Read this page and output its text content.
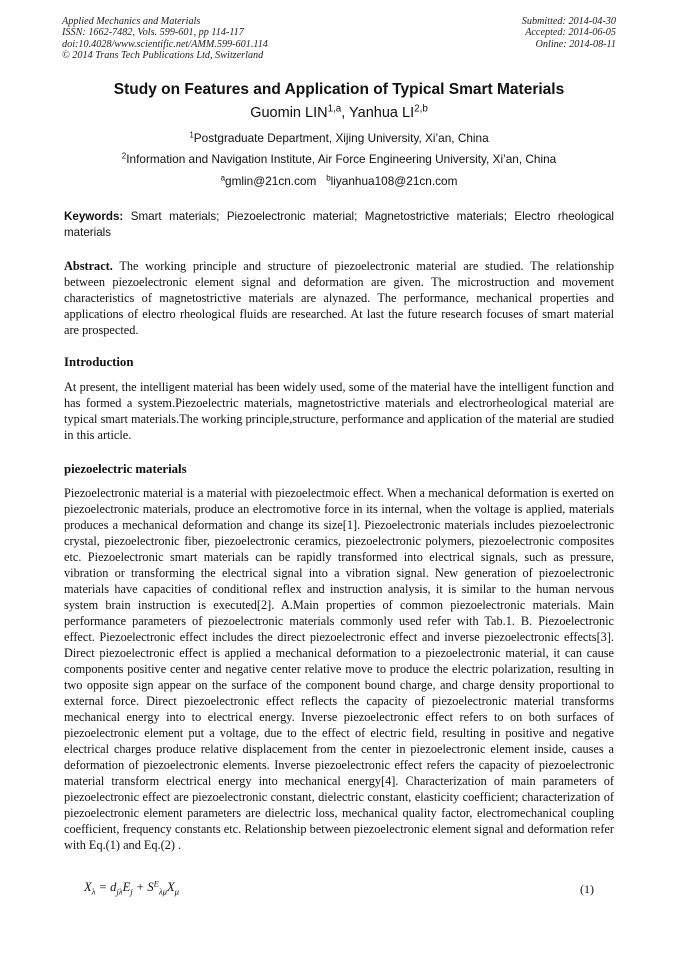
Applied Mechanics and Materials
ISSN: 1662-7482, Vols. 599-601, pp 114-117
doi:10.4028/www.scientific.net/AMM.599-601.114
© 2014 Trans Tech Publications Ltd, Switzerland
Submitted: 2014-04-30
Accepted: 2014-06-05
Online: 2014-08-11
Study on Features and Application of Typical Smart Materials
Guomin LIN$^{1,a}$, Yanhua LI$^{2,b}$
$^1$Postgraduate Department, Xijing University, Xi’an, China
$^2$Information and Navigation Institute, Air Force Engineering University, Xi’an, China
$^a$gmlin@21cn.com $^b$liyanhua108@21cn.com
Keywords: Smart materials; Piezoelectronic material; Magnetostrictive materials; Electro rheological materials
Abstract. The working principle and structure of piezoelectronic material are studied. The relationship between piezoelectronic element signal and deformation are given. The microstruction and movement characteristics of magnetostrictive materials are alynazed. The performance, mechanical properties and applications of electro rheological fluids are researched. At last the future research focuses of smart material are prospected.
Introduction
At present, the intelligent material has been widely used, some of the material have the intelligent function and has formed a system.Piezoelectric materials, magnetostrictive materials and electrorheological material are typical smart materials.The working principle,structure, performance and application of the material are studied in this article.
piezoelectric materials
Piezoelectronic material is a material with piezoelectmoic effect. When a mechanical deformation is exerted on piezoelectronic materials, produce an electromotive force in its internal, when the voltage is applied, materials produces a mechanical deformation and change its size[1]. Piezoelectronic materials includes piezoelectronic crystal, piezoelectronic fiber, piezoelectronic ceramics, piezoelectronic polymers, piezoelectronic composites etc. Piezoelectronic smart materials can be rapidly transformed into electrical signals, such as pressure, vibration or transforming the electrical signal into a vibration signal. New generation of piezoelectronic materials have capacities of conditional reflex and instruction analysis, it is similar to the human nervous system brain instruction is executed[2]. A.Main properties of common piezoelectronic materials. Main performance parameters of piezoelectronic materials commonly used refer with Tab.1. B. Piezoelectronic effect. Piezoelectronic effect includes the direct piezoelectronic effect and inverse piezoelectronic effects[3]. Direct piezoelectronic effect is applied a mechanical deformation to a piezoelectronic material, it can cause components positive center and negative center relative move to produce the electric polarization, resulting in two opposite sign appear on the surface of the component bound charge, and charge density proportional to external force. Direct piezoelectronic effect reflects the capacity of piezoelectronic material transforms mechanical energy into to electrical energy. Inverse piezoelectronic effect refers to on both surfaces of piezoelectronic element put a voltage, due to the effect of electric field, resulting in positive and negative electrical charges produce relative displacement from the center in piezoelectronic element inside, causes a deformation of piezoelectronic elements. Inverse piezoelectronic effect refers the capacity of piezoelectronic material transform electrical energy into mechanical energy[4]. Characterization of main parameters of piezoelectronic effect are piezoelectronic constant, dielectric constant, elasticity coefficient; characterization of piezoelectronic element parameters are dielectric loss, mechanical quality factor, electromechanical coupling coefficient, frequency constants etc. Relationship between piezoelectronic element signal and deformation refer with Eq.(1) and Eq.(2) .
$X_\lambda = d_{j\lambda}E_j + S^E_{\lambda\mu}X_\mu$	(1)
